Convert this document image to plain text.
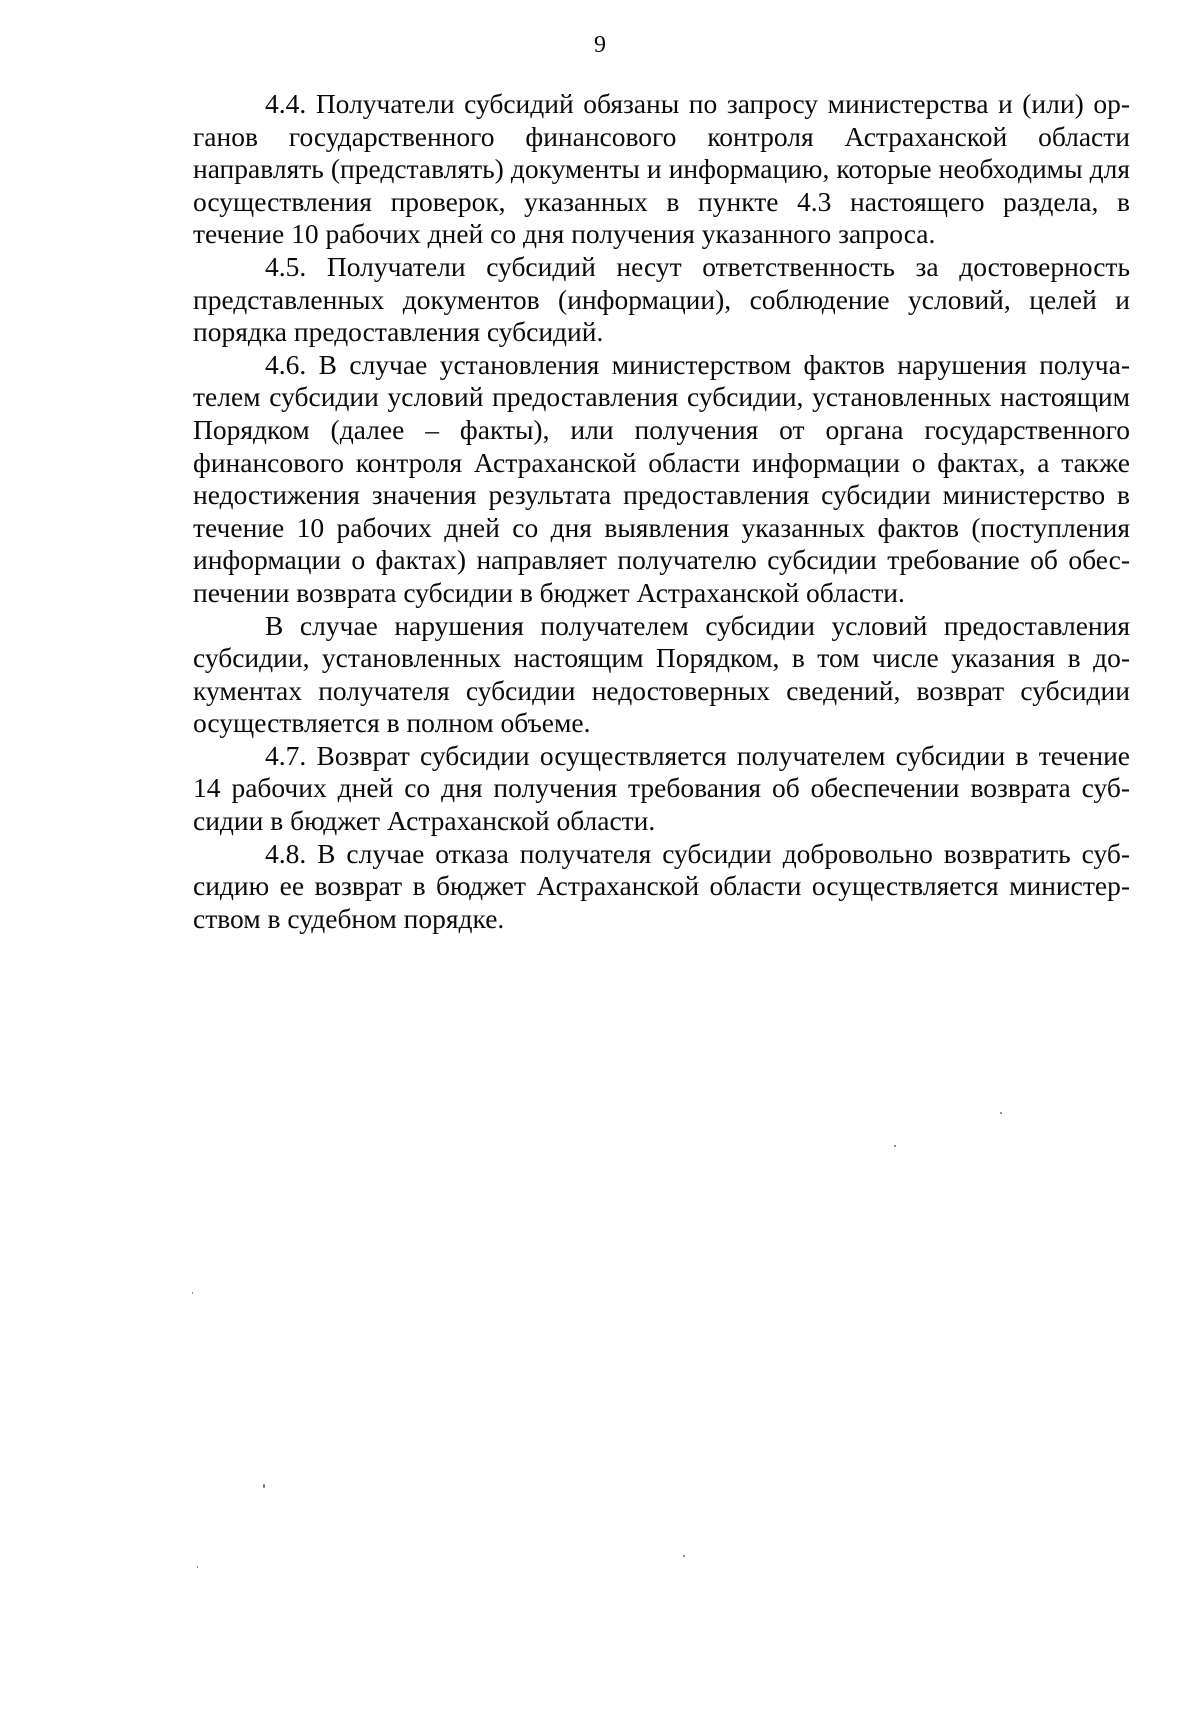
9

4.4. Получатели субсидий обязаны по запросу министерства и (или) органов государственного финансового контроля Астраханской области направлять (представлять) документы и информацию, которые необходимы для осуществления проверок, указанных в пункте 4.3 настоящего раздела, в течение 10 рабочих дней со дня получения указанного запроса.

4.5. Получатели субсидий несут ответственность за достоверность представленных документов (информации), соблюдение условий, целей и порядка предоставления субсидий.

4.6. В случае установления министерством фактов нарушения получателем субсидии условий предоставления субсидии, установленных настоящим Порядком (далее – факты), или получения от органа государственного финансового контроля Астраханской области информации о фактах, а также недостижения значения результата предоставления субсидии министерство в течение 10 рабочих дней со дня выявления указанных фактов (поступления информации о фактах) направляет получателю субсидии требование об обеспечении возврата субсидии в бюджет Астраханской области.

В случае нарушения получателем субсидии условий предоставления субсидии, установленных настоящим Порядком, в том числе указания в документах получателя субсидии недостоверных сведений, возврат субсидии осуществляется в полном объеме.

4.7. Возврат субсидии осуществляется получателем субсидии в течение 14 рабочих дней со дня получения требования об обеспечении возврата субсидии в бюджет Астраханской области.

4.8. В случае отказа получателя субсидии добровольно возвратить субсидию ее возврат в бюджет Астраханской области осуществляется министерством в судебном порядке.
